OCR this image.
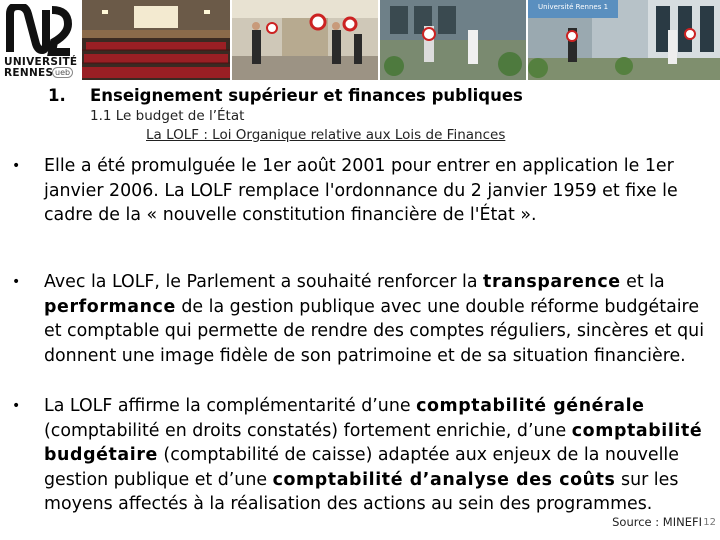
UNIVERSITÉ
RENNES ueb
Université Rennes 1
1. Enseignement supérieur et finances publiques
1.1 Le budget de l’État
La LOLF : Loi Organique relative aux Lois de Finances
• Elle a été promulguée le 1er août 2001 pour entrer en application le 1er janvier 2006. La LOLF remplace l'ordonnance du 2 janvier 1959 et fixe le cadre de la « nouvelle constitution financière de l'État ».
• Avec la LOLF, le Parlement a souhaité renforcer la transparence et la performance de la gestion publique avec une double réforme budgétaire et comptable qui permette de rendre des comptes réguliers, sincères et qui donnent une image fidèle de son patrimoine et de sa situation financière.
• La LOLF affirme la complémentarité d’une comptabilité générale (comptabilité en droits constatés) fortement enrichie, d’une comptabilité budgétaire (comptabilité de caisse) adaptée aux enjeux de la nouvelle gestion publique et d’une comptabilité d’analyse des coûts sur les moyens affectés à la réalisation des actions au sein des programmes.
Source : MINEFI 12
